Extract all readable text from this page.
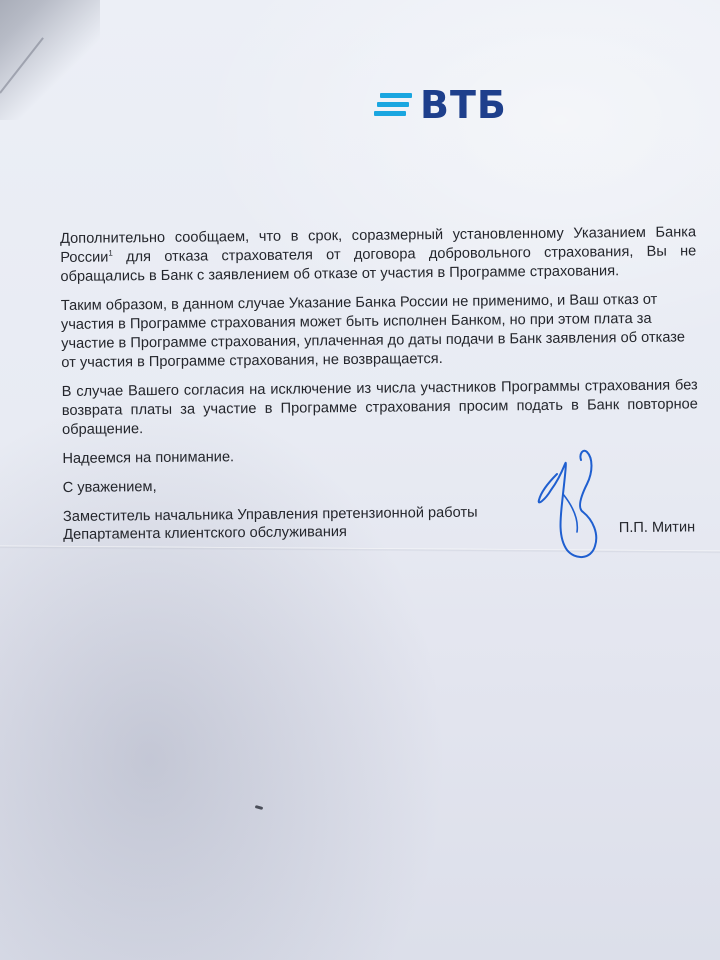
ВТБ

Дополнительно сообщаем, что в срок, соразмерный установленному Указанием Банка России$^1$ для отказа страхователя от договора добровольного страхования, Вы не обращались в Банк с заявлением об отказе от участия в Программе страхования.

Таким образом, в данном случае Указание Банка России не применимо, и Ваш отказ от участия в Программе страхования может быть исполнен Банком, но при этом плата за участие в Программе страхования, уплаченная до даты подачи в Банк заявления об отказе от участия в Программе страхования, не возвращается.

В случае Вашего согласия на исключение из числа участников Программы страхования без возврата платы за участие в Программе страхования просим подать в Банк повторное обращение.

Надеемся на понимание.

С уважением,

Заместитель начальника Управления претензионной работы
Департамента клиентского обслуживания	П.П. Митин
